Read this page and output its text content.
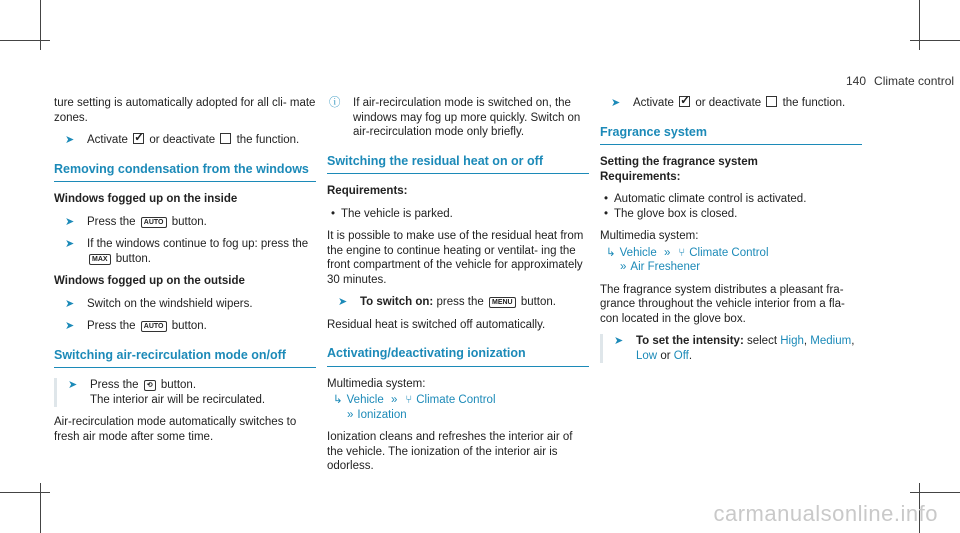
140 Climate control

ture setting is automatically adopted for all cli- mate zones.

➤ Activate ✓ or deactivate the function.
Removing condensation from the windows
Windows fogged up on the inside
➤ Press the AUTO button.
➤ If the windows continue to fog up: press the MAX button.
Windows fogged up on the outside
➤ Switch on the windshield wipers.
➤ Press the AUTO button.
Switching air-recirculation mode on/off
➤ Press the ⟲ button.
The interior air will be recirculated.

Air-recirculation mode automatically switches to fresh air mode after some time.

ⓘ If air-recirculation mode is switched on, the windows may fog up more quickly. Switch on air-recirculation mode only briefly.
Switching the residual heat on or off
Requirements:
• The vehicle is parked.

It is possible to make use of the residual heat from the engine to continue heating or ventilat- ing the front compartment of the vehicle for approximately 30 minutes.

➤ To switch on: press the MENU button.

Residual heat is switched off automatically.

Activating/deactivating ionization

Multimedia system:

↳ Vehicle » ⑂ Climate Control
» Ionization

Ionization cleans and refreshes the interior air of the vehicle. The ionization of the interior air is odorless.

➤ Activate ✓ or deactivate the function.
Fragrance system
Setting the fragrance system
Requirements:
• Automatic climate control is activated.
• The glove box is closed.

Multimedia system:

↳ Vehicle » ⑂ Climate Control
» Air Freshener

The fragrance system distributes a pleasant fra- grance throughout the vehicle interior from a fla- con located in the glove box.

➤ To set the intensity: select High, Medium,
Low or Off.
carmanualsonline.info
